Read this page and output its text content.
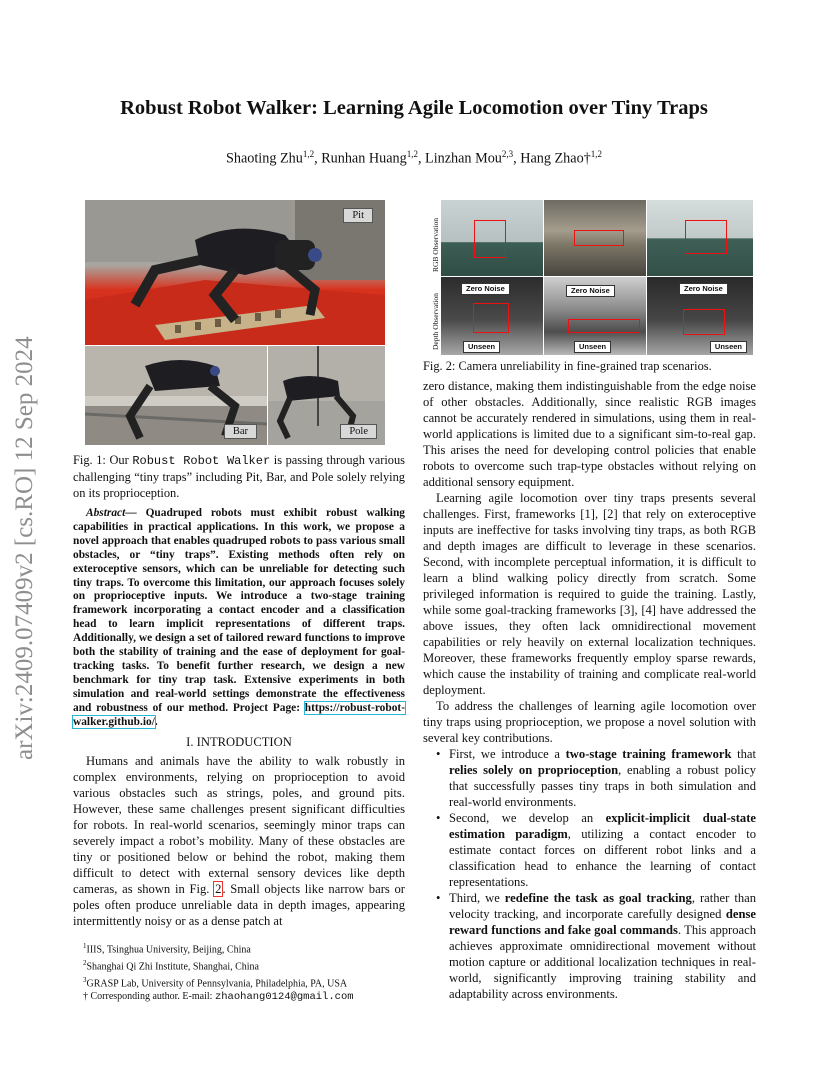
arXiv:2409.07409v2 [cs.RO] 12 Sep 2024
Robust Robot Walker: Learning Agile Locomotion over Tiny Traps
Shaoting Zhu$^{1,2}$, Runhan Huang$^{1,2}$, Linzhan Mou$^{2,3}$, Hang Zhao†$^{1,2}$
Pit
Bar	Pole
RGB Observation
Depth Observation
Zero Noise
Unseen
Zero Noise
Unseen
Zero Noise
Unseen

Fig. 1: Our Robust Robot Walker is passing through various challenging “tiny traps” including Pit, Bar, and Pole solely relying on its proprioception.

Abstract— Quadruped robots must exhibit robust walking capabilities in practical applications. In this work, we propose a novel approach that enables quadruped robots to pass various small obstacles, or “tiny traps”. Existing methods often rely on exteroceptive sensors, which can be unreliable for detecting such tiny traps. To overcome this limitation, our approach focuses solely on proprioceptive inputs. We introduce a two-stage training framework incorporating a contact encoder and a classification head to learn implicit representations of different traps. Additionally, we design a set of tailored reward functions to improve both the stability of training and the ease of deployment for goal-tracking tasks. To benefit further research, we design a new benchmark for tiny trap task. Extensive experiments in both simulation and real-world settings demonstrate the effectiveness and robustness of our method. Project Page: https://robust-robot-walker.github.io/.

I. INTRODUCTION

Humans and animals have the ability to walk robustly in complex environments, relying on proprioception to avoid various obstacles such as strings, poles, and ground pits. However, these same challenges present significant difficulties for robots. In real-world scenarios, seemingly minor traps can severely impact a robot’s mobility. Many of these obstacles are tiny or positioned below or behind the robot, making them difficult to detect with external sensory devices like depth cameras, as shown in Fig. 2. Small objects like narrow bars or poles often produce unreliable data in depth images, appearing intermittently noisy or as a dense patch at

$^1$IIIS, Tsinghua University, Beijing, China
$^2$Shanghai Qi Zhi Institute, Shanghai, China
$^3$GRASP Lab, University of Pennsylvania, Philadelphia, PA, USA
† Corresponding author. E-mail: zhaohang0124@gmail.com

Fig. 2: Camera unreliability in fine-grained trap scenarios.

zero distance, making them indistinguishable from the edge noise of other obstacles. Additionally, since realistic RGB images cannot be accurately rendered in simulations, using them in real-world applications is limited due to a significant sim-to-real gap. This arises the need for developing control policies that enable robots to overcome such trap-type obstacles without relying on additional sensory equipment.

Learning agile locomotion over tiny traps presents several challenges. First, frameworks [1], [2] that rely on exteroceptive inputs are ineffective for tasks involving tiny traps, as both RGB and depth images are difficult to leverage in these scenarios. Second, with incomplete perceptual information, it is difficult to learn a blind walking policy directly from scratch. Some privileged information is required to guide the training. Lastly, while some goal-tracking frameworks [3], [4] have addressed the above issues, they often lack omnidirectional movement capabilities or rely heavily on external localization techniques. Moreover, these frameworks frequently employ sparse rewards, which cause the instability of training and complicate real-world deployment.

To address the challenges of learning agile locomotion over tiny traps using proprioception, we propose a novel solution with several key contributions.

• First, we introduce a two-stage training framework that relies solely on proprioception, enabling a robust policy that successfully passes tiny traps in both simulation and real-world environments.
• Second, we develop an explicit-implicit dual-state estimation paradigm, utilizing a contact encoder to estimate contact forces on different robot links and a classification head to enhance the learning of contact representations.
• Third, we redefine the task as goal tracking, rather than velocity tracking, and incorporate carefully designed dense reward functions and fake goal commands. This approach achieves approximate omnidirectional movement without motion capture or additional localization techniques in real-world, significantly improving training stability and adaptability across environments.
